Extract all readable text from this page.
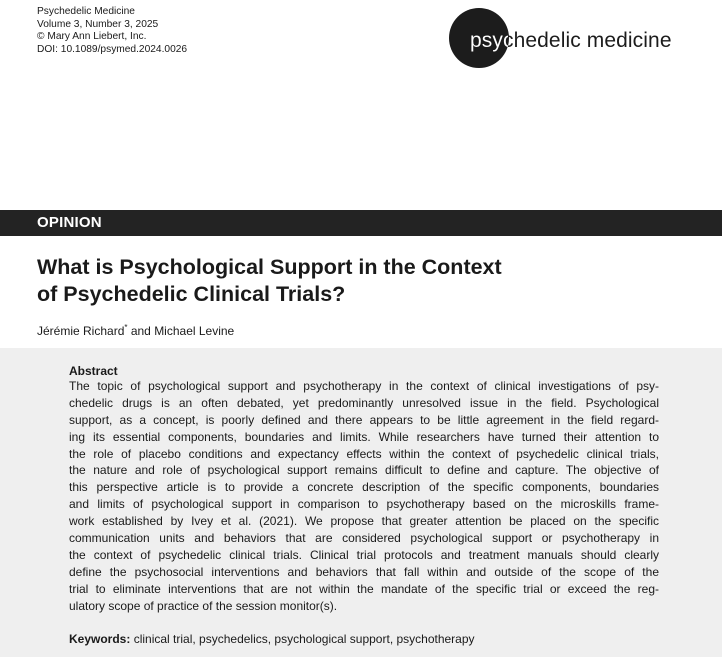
Psychedelic Medicine
Volume 3, Number 3, 2025
© Mary Ann Liebert, Inc.
DOI: 10.1089/psymed.2024.0026	psychedelic medicine
OPINION
What is Psychological Support in the Context
of Psychedelic Clinical Trials?
Jérémie Richard* and Michael Levine
Abstract
The topic of psychological support and psychotherapy in the context of clinical investigations of psy-
chedelic drugs is an often debated, yet predominantly unresolved issue in the field. Psychological
support, as a concept, is poorly defined and there appears to be little agreement in the field regard-
ing its essential components, boundaries and limits. While researchers have turned their attention to
the role of placebo conditions and expectancy effects within the context of psychedelic clinical trials,
the nature and role of psychological support remains difficult to define and capture. The objective of
this perspective article is to provide a concrete description of the specific components, boundaries
and limits of psychological support in comparison to psychotherapy based on the microskills frame-
work established by Ivey et al. (2021). We propose that greater attention be placed on the specific
communication units and behaviors that are considered psychological support or psychotherapy in
the context of psychedelic clinical trials. Clinical trial protocols and treatment manuals should clearly
define the psychosocial interventions and behaviors that fall within and outside of the scope of the
trial to eliminate interventions that are not within the mandate of the specific trial or exceed the reg-
ulatory scope of practice of the session monitor(s).
Keywords: clinical trial, psychedelics, psychological support, psychotherapy
